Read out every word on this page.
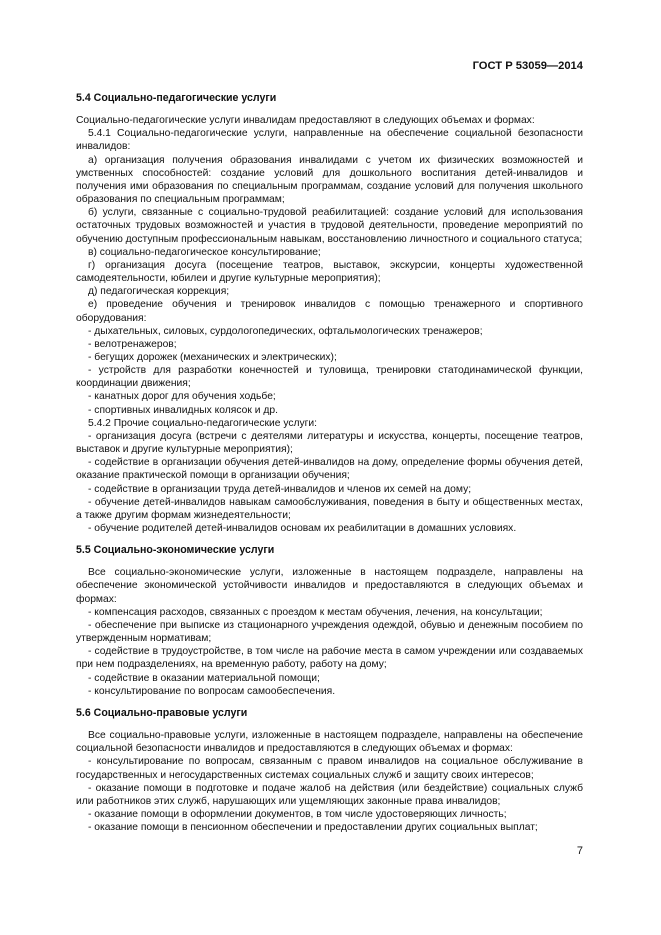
ГОСТ Р 53059—2014

5.4 Социально-педагогические услуги

Социально-педагогические услуги инвалидам предоставляют в следующих объемах и формах:

5.4.1 Социально-педагогические услуги, направленные на обеспечение социальной безопасности инвалидов:

а) организация получения образования инвалидами с учетом их физических возможностей и умственных способностей: создание условий для дошкольного воспитания детей-инвалидов и получения ими образования по специальным программам, создание условий для получения школьного образования по специальным программам;

б) услуги, связанные с социально-трудовой реабилитацией: создание условий для использования остаточных трудовых возможностей и участия в трудовой деятельности, проведение мероприятий по обучению доступным профессиональным навыкам, восстановлению личностного и социального статуса;

в) социально-педагогическое консультирование;

г) организация досуга (посещение театров, выставок, экскурсии, концерты художественной самодеятельности, юбилеи и другие культурные мероприятия);

д) педагогическая коррекция;

е) проведение обучения и тренировок инвалидов с помощью тренажерного и спортивного оборудования:

- дыхательных, силовых, сурдологопедических, офтальмологических тренажеров;

- велотренажеров;

- бегущих дорожек (механических и электрических);

- устройств для разработки конечностей и туловища, тренировки статодинамической функции, координации движения;

- канатных дорог для обучения ходьбе;

- спортивных инвалидных колясок и др.

5.4.2 Прочие социально-педагогические услуги:

- организация досуга (встречи с деятелями литературы и искусства, концерты, посещение театров, выставок и другие культурные мероприятия);

- содействие в организации обучения детей-инвалидов на дому, определение формы обучения детей, оказание практической помощи в организации обучения;

- содействие в организации труда детей-инвалидов и членов их семей на дому;

- обучение детей-инвалидов навыкам самообслуживания, поведения в быту и общественных местах, а также другим формам жизнедеятельности;

- обучение родителей детей-инвалидов основам их реабилитации в домашних условиях.

5.5 Социально-экономические услуги

Все социально-экономические услуги, изложенные в настоящем подразделе, направлены на обеспечение экономической устойчивости инвалидов и предоставляются в следующих объемах и формах:

- компенсация расходов, связанных с проездом к местам обучения, лечения, на консультации;

- обеспечение при выписке из стационарного учреждения одеждой, обувью и денежным пособием по утвержденным нормативам;

- содействие в трудоустройстве, в том числе на рабочие места в самом учреждении или создаваемых при нем подразделениях, на временную работу, работу на дому;

- содействие в оказании материальной помощи;

- консультирование по вопросам самообеспечения.

5.6 Социально-правовые услуги

Все социально-правовые услуги, изложенные в настоящем подразделе, направлены на обеспечение социальной безопасности инвалидов и предоставляются в следующих объемах и формах:

- консультирование по вопросам, связанным с правом инвалидов на социальное обслуживание в государственных и негосударственных системах социальных служб и защиту своих интересов;

- оказание помощи в подготовке и подаче жалоб на действия (или бездействие) социальных служб или работников этих служб, нарушающих или ущемляющих законные права инвалидов;

- оказание помощи в оформлении документов, в том числе удостоверяющих личность;

- оказание помощи в пенсионном обеспечении и предоставлении других социальных выплат;

7
